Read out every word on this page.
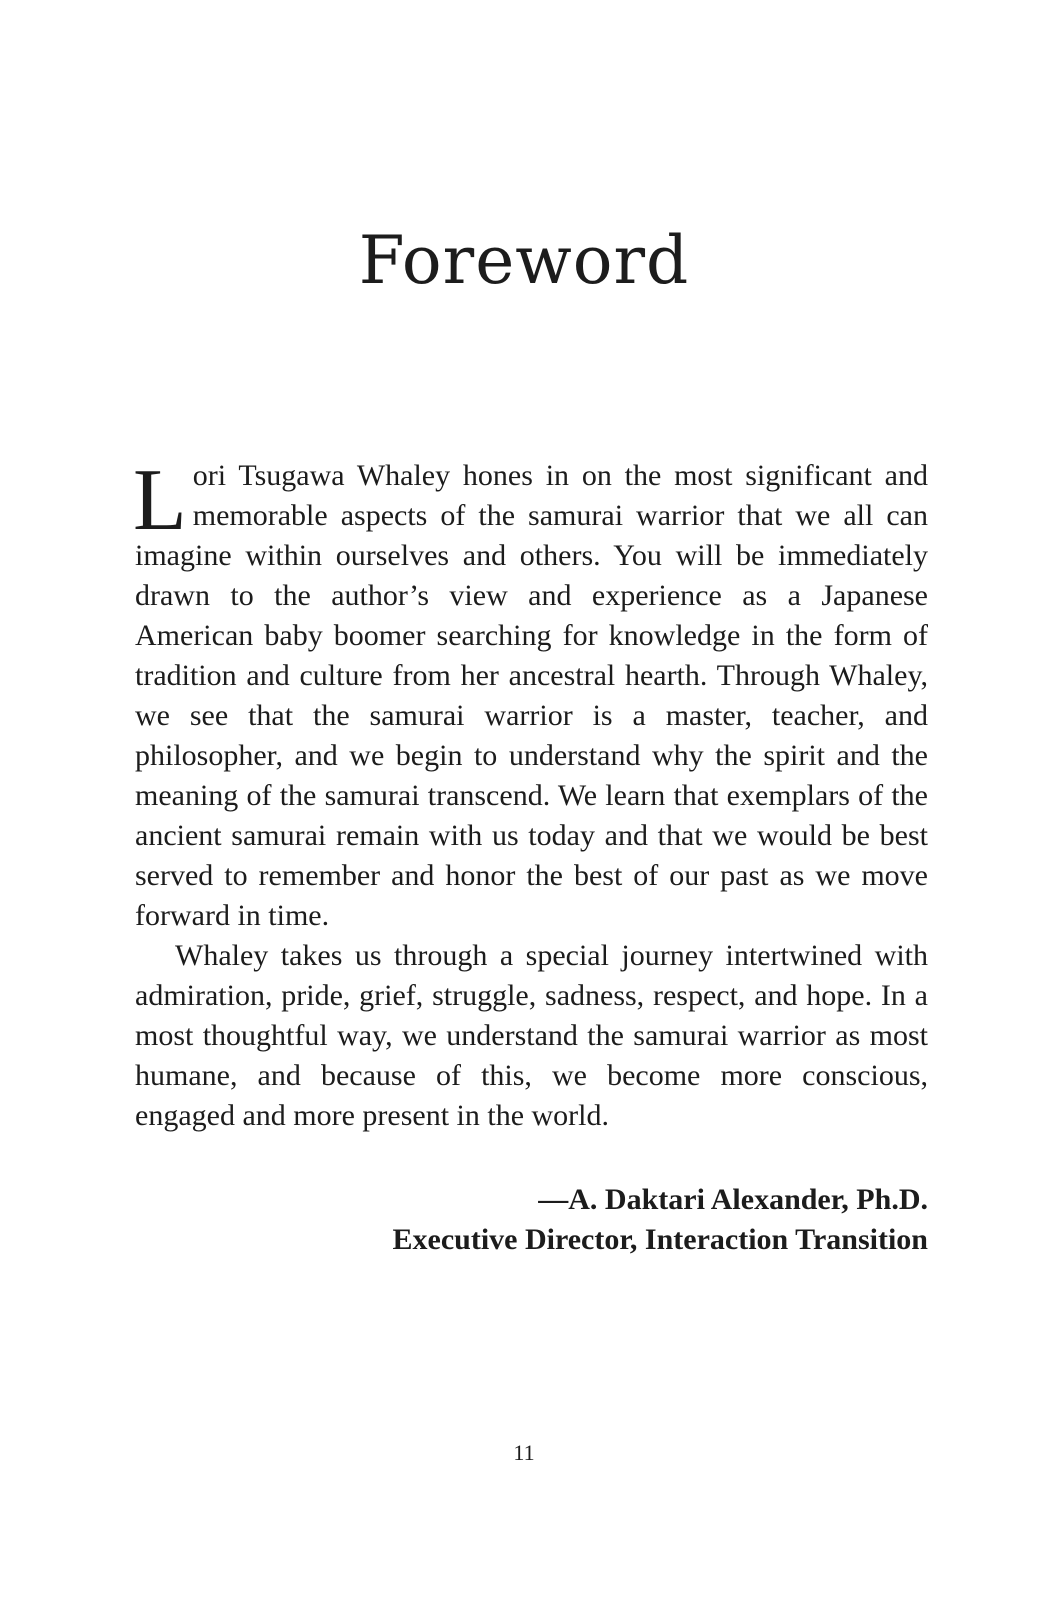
Foreword

Lori Tsugawa Whaley hones in on the most significant and memorable aspects of the samurai warrior that we all can imagine within ourselves and others. You will be immediately drawn to the author’s view and experience as a Japanese American baby boomer searching for knowledge in the form of tradition and culture from her ancestral hearth. Through Whaley, we see that the samurai warrior is a master, teacher, and philosopher, and we begin to understand why the spirit and the meaning of the samurai transcend. We learn that exemplars of the ancient samurai remain with us today and that we would be best served to remember and honor the best of our past as we move forward in time.

Whaley takes us through a special journey intertwined with admiration, pride, grief, struggle, sadness, respect, and hope. In a most thoughtful way, we understand the samurai warrior as most humane, and because of this, we become more conscious, engaged and more present in the world.

—A. Daktari Alexander, Ph.D.
Executive Director, Interaction Transition
11
